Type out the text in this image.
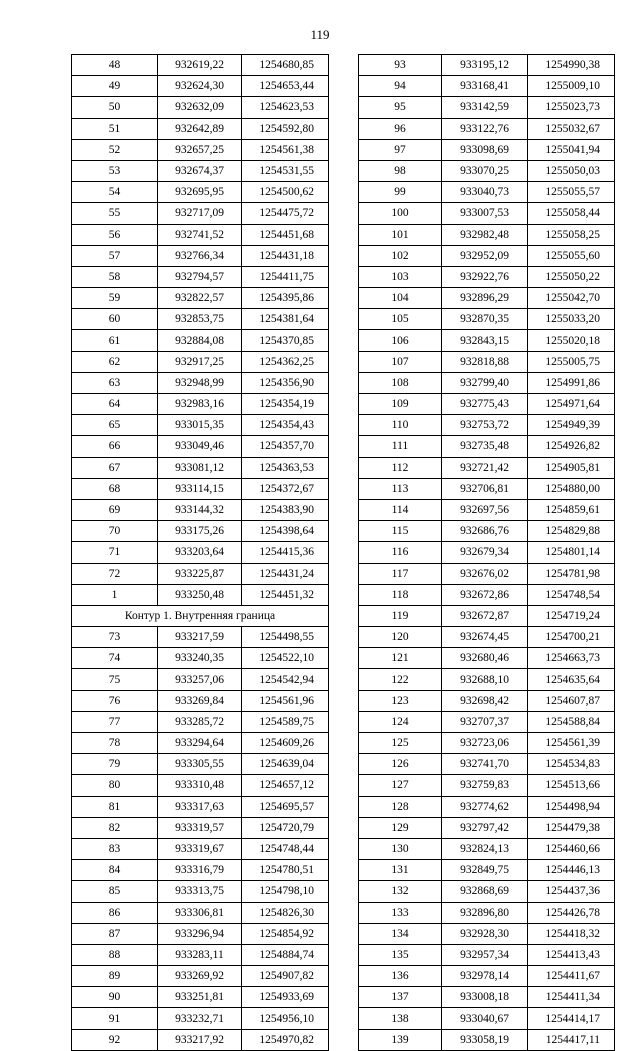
119
48	932619,22	1254680,85
49	932624,30	1254653,44
50	932632,09	1254623,53
51	932642,89	1254592,80
52	932657,25	1254561,38
53	932674,37	1254531,55
54	932695,95	1254500,62
55	932717,09	1254475,72
56	932741,52	1254451,68
57	932766,34	1254431,18
58	932794,57	1254411,75
59	932822,57	1254395,86
60	932853,75	1254381,64
61	932884,08	1254370,85
62	932917,25	1254362,25
63	932948,99	1254356,90
64	932983,16	1254354,19
65	933015,35	1254354,43
66	933049,46	1254357,70
67	933081,12	1254363,53
68	933114,15	1254372,67
69	933144,32	1254383,90
70	933175,26	1254398,64
71	933203,64	1254415,36
72	933225,87	1254431,24
1	933250,48	1254451,32
Контур 1. Внутренняя граница		
73	933217,59	1254498,55
74	933240,35	1254522,10
75	933257,06	1254542,94
76	933269,84	1254561,96
77	933285,72	1254589,75
78	933294,64	1254609,26
79	933305,55	1254639,04
80	933310,48	1254657,12
81	933317,63	1254695,57
82	933319,57	1254720,79
83	933319,67	1254748,44
84	933316,79	1254780,51
85	933313,75	1254798,10
86	933306,81	1254826,30
87	933296,94	1254854,92
88	933283,11	1254884,74
89	933269,92	1254907,82
90	933251,81	1254933,69
91	933232,71	1254956,10
92	933217,92	1254970,82
93	933195,12	1254990,38
94	933168,41	1255009,10
95	933142,59	1255023,73
96	933122,76	1255032,67
97	933098,69	1255041,94
98	933070,25	1255050,03
99	933040,73	1255055,57
100	933007,53	1255058,44
101	932982,48	1255058,25
102	932952,09	1255055,60
103	932922,76	1255050,22
104	932896,29	1255042,70
105	932870,35	1255033,20
106	932843,15	1255020,18
107	932818,88	1255005,75
108	932799,40	1254991,86
109	932775,43	1254971,64
110	932753,72	1254949,39
111	932735,48	1254926,82
112	932721,42	1254905,81
113	932706,81	1254880,00
114	932697,56	1254859,61
115	932686,76	1254829,88
116	932679,34	1254801,14
117	932676,02	1254781,98
118	932672,86	1254748,54
119	932672,87	1254719,24
120	932674,45	1254700,21
121	932680,46	1254663,73
122	932688,10	1254635,64
123	932698,42	1254607,87
124	932707,37	1254588,84
125	932723,06	1254561,39
126	932741,70	1254534,83
127	932759,83	1254513,66
128	932774,62	1254498,94
129	932797,42	1254479,38
130	932824,13	1254460,66
131	932849,75	1254446,13
132	932868,69	1254437,36
133	932896,80	1254426,78
134	932928,30	1254418,32
135	932957,34	1254413,43
136	932978,14	1254411,67
137	933008,18	1254411,34
138	933040,67	1254414,17
139	933058,19	1254417,11
